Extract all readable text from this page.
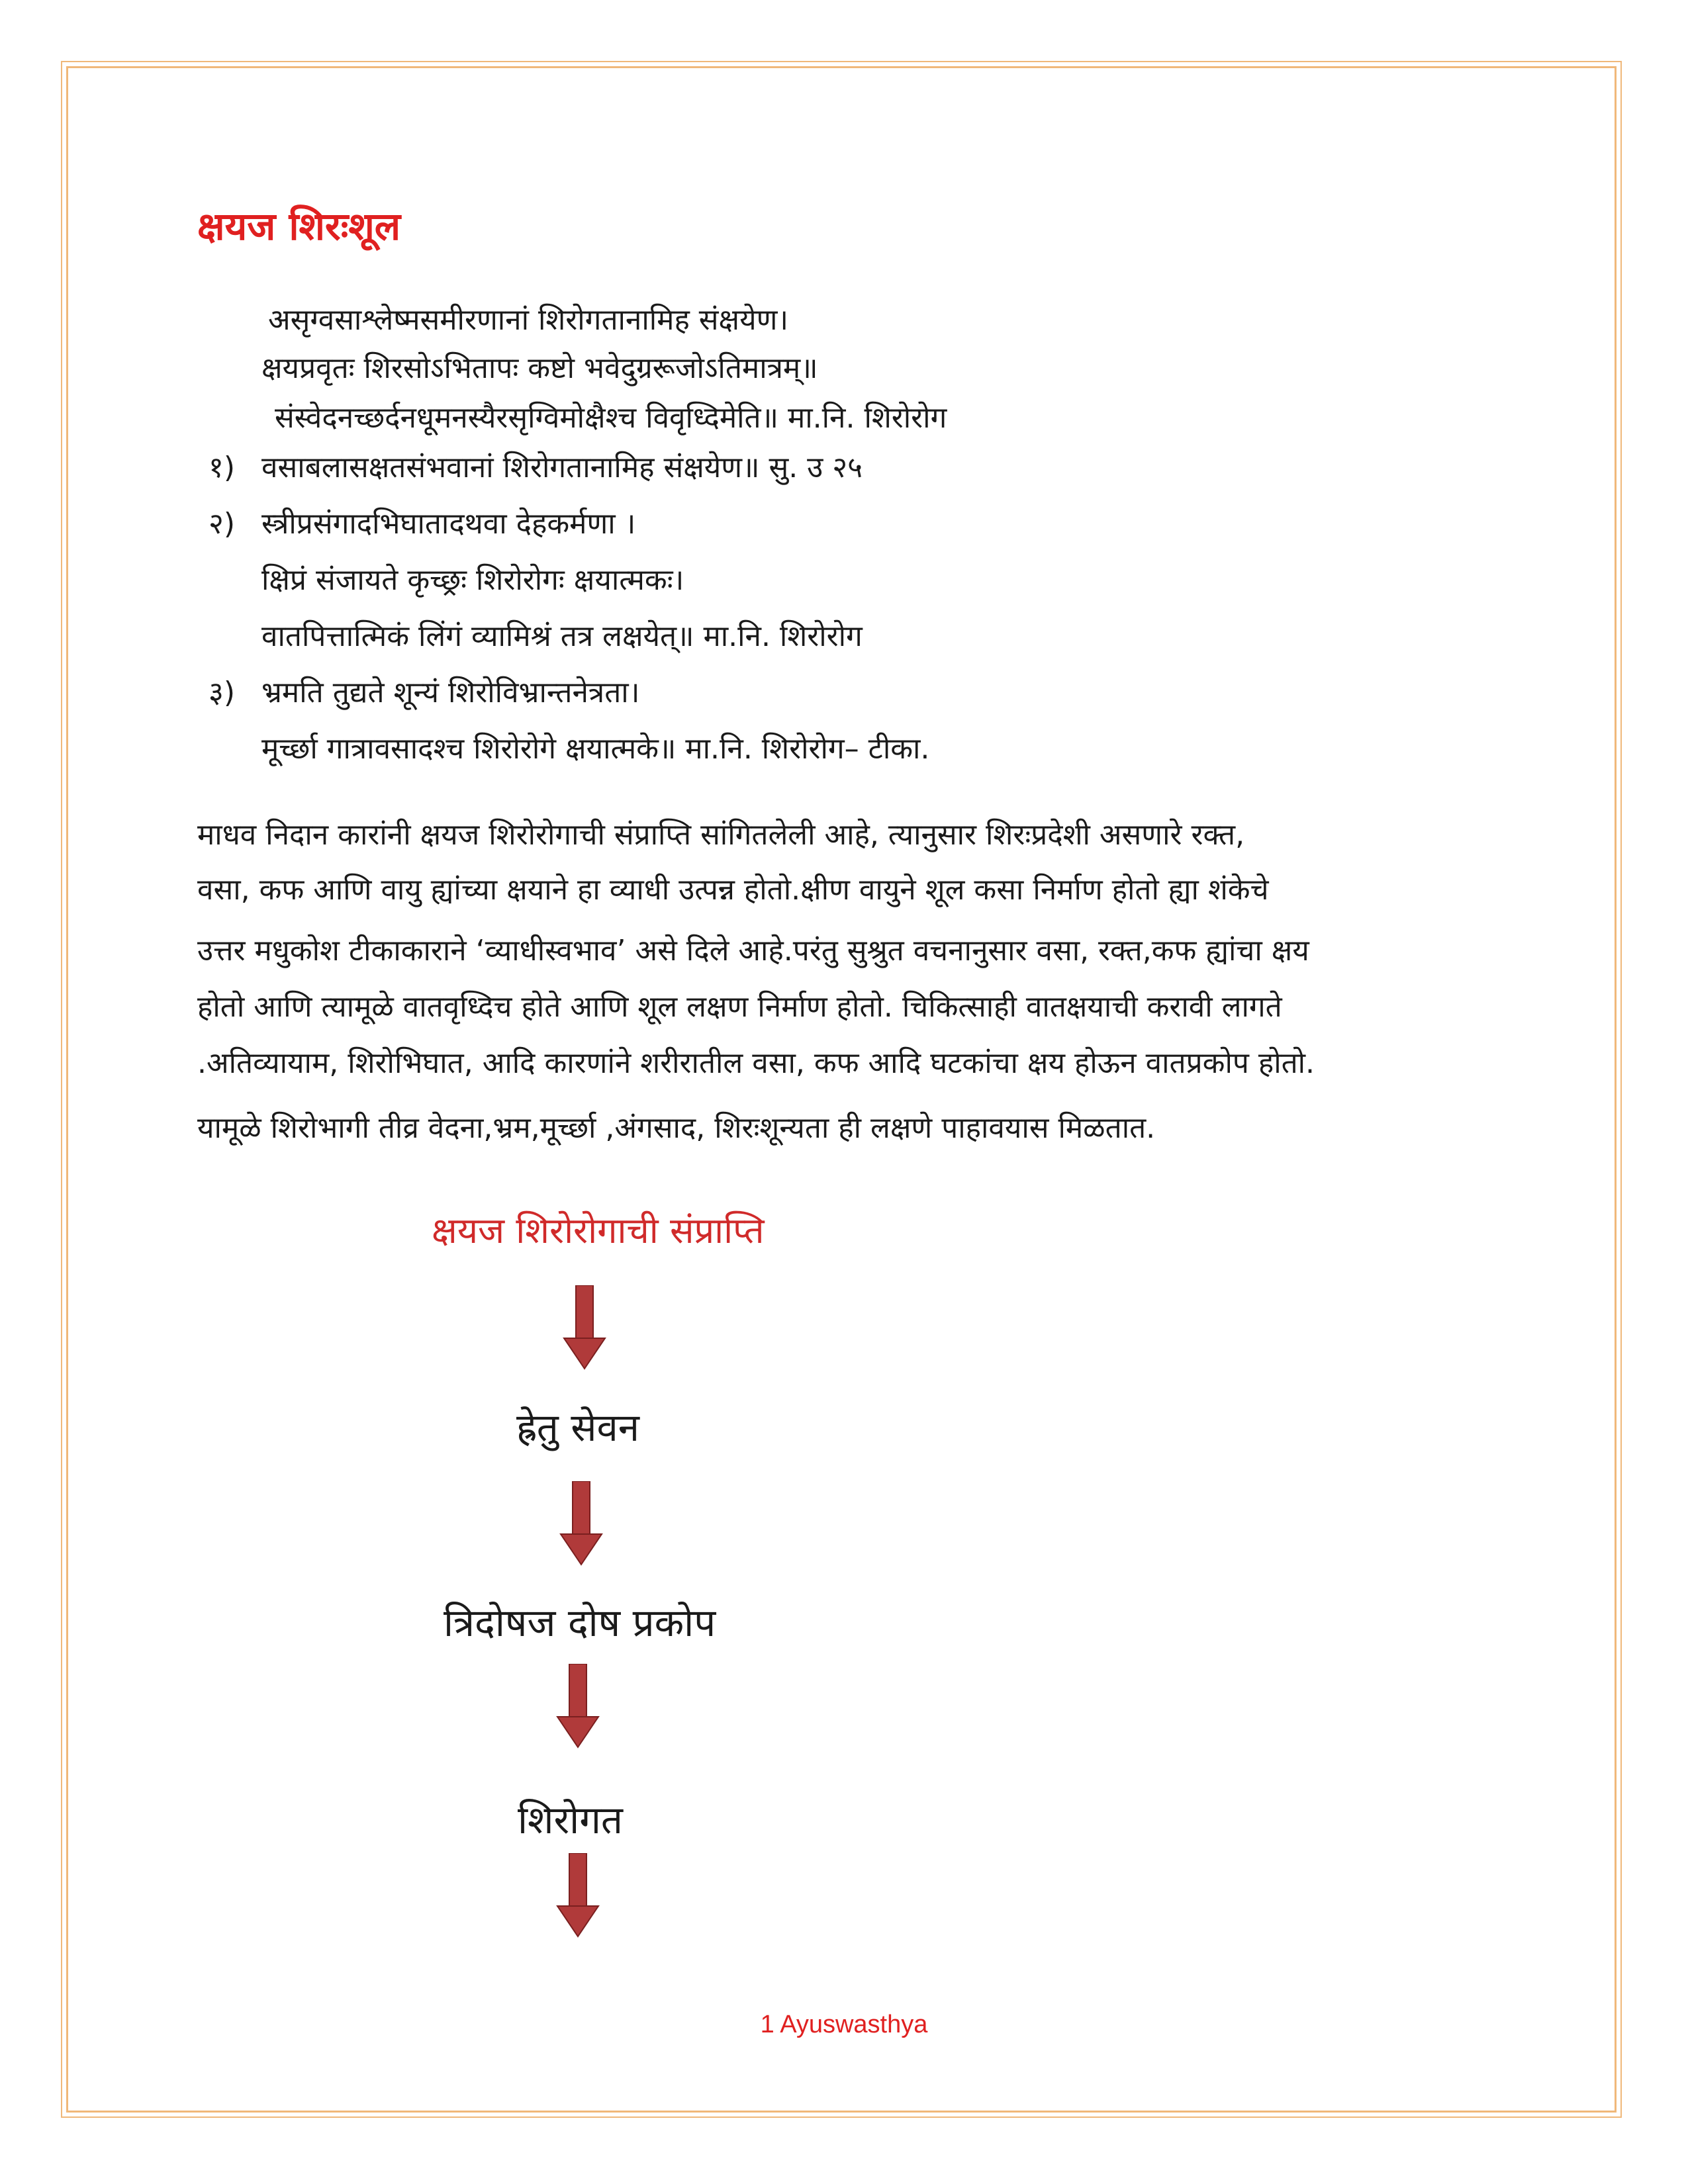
क्षयज शिरःशूल
असृग्वसाश्लेष्मसमीरणानां शिरोगतानामिह संक्षयेण।
क्षयप्रवृतः शिरसोऽभितापः कष्टो भवेदुग्ररूजोऽतिमात्रम्॥
संस्वेदनच्छर्दनधूमनस्यैरसृग्विमोक्षैश्च विवृध्दिमेति॥ मा.नि. शिरोरोग
१) वसाबलासक्षतसंभवानां शिरोगतानामिह संक्षयेण॥ सु. उ २५
२) स्त्रीप्रसंगादभिघातादथवा देहकर्मणा ।
क्षिप्रं संजायते कृच्छ्रः शिरोरोगः क्षयात्मकः।
वातपित्तात्मिकं लिंगं व्यामिश्रं तत्र लक्षयेत्॥ मा.नि. शिरोरोग
३) भ्रमति तुद्यते शून्यं शिरोविभ्रान्तनेत्रता।
मूर्च्छा गात्रावसादश्च शिरोरोगे क्षयात्मके॥ मा.नि. शिरोरोग– टीका.
माधव निदान कारांनी क्षयज शिरोरोगाची संप्राप्ति सांगितलेली आहे, त्यानुसार शिरःप्रदेशी असणारे रक्त,
वसा, कफ आणि वायु ह्यांच्या क्षयाने हा व्याधी उत्पन्न होतो.क्षीण वायुने शूल कसा निर्माण होतो ह्या शंकेचे
उत्तर मधुकोश टीकाकाराने ‘व्याधीस्वभाव’ असे दिले आहे.परंतु सुश्रुत वचनानुसार वसा, रक्त,कफ ह्यांचा क्षय
होतो आणि त्यामूळे वातवृध्दिच होते आणि शूल लक्षण निर्माण होतो. चिकित्साही वातक्षयाची करावी लागते
.अतिव्यायाम, शिरोभिघात, आदि कारणांने शरीरातील वसा, कफ आदि घटकांचा क्षय होऊन वातप्रकोप होतो.
यामूळे शिरोभागी तीव्र वेदना,भ्रम,मूर्च्छा ,अंगसाद, शिरःशून्यता ही लक्षणे पाहावयास मिळतात.
क्षयज शिरोरोगाची संप्राप्ति
ह्रेतु सेवन
त्रिदोषज दोष प्रकोप
शिरोगत
1 Ayuswasthya
